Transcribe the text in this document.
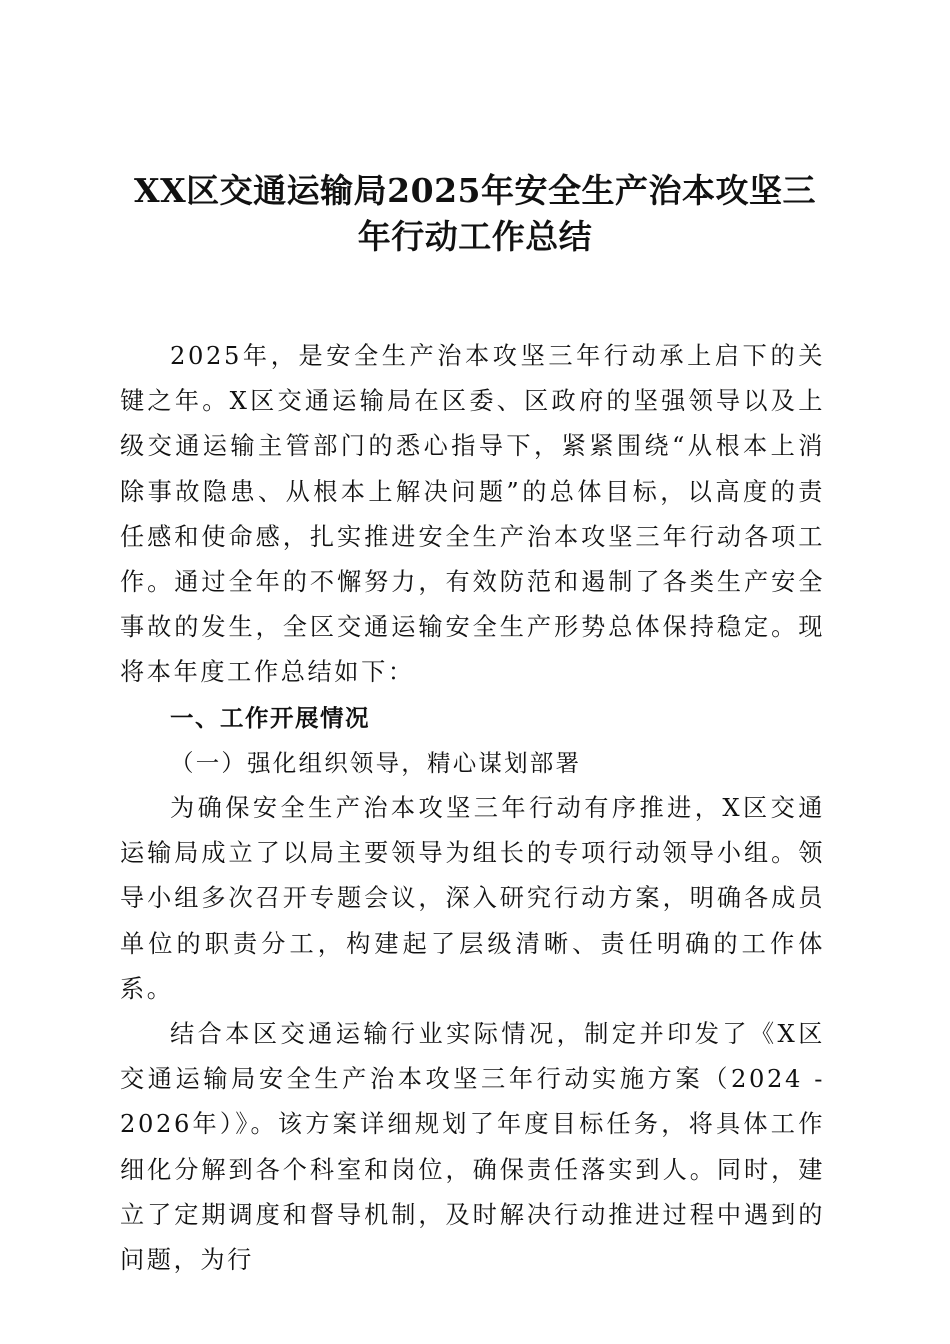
XX区交通运输局2025年安全生产治本攻坚三
年行动工作总结

2025年，是安全生产治本攻坚三年行动承上启下的关键之年。X区交通运输局在区委、区政府的坚强领导以及上级交通运输主管部门的悉心指导下，紧紧围绕“从根本上消除事故隐患、从根本上解决问题”的总体目标，以高度的责任感和使命感，扎实推进安全生产治本攻坚三年行动各项工作。通过全年的不懈努力，有效防范和遏制了各类生产安全事故的发生，全区交通运输安全生产形势总体保持稳定。现将本年度工作总结如下：

一、工作开展情况

（一）强化组织领导，精心谋划部署

为确保安全生产治本攻坚三年行动有序推进，X区交通运输局成立了以局主要领导为组长的专项行动领导小组。领导小组多次召开专题会议，深入研究行动方案，明确各成员单位的职责分工，构建起了层级清晰、责任明确的工作体系。

结合本区交通运输行业实际情况，制定并印发了《X区交通运输局安全生产治本攻坚三年行动实施方案（2024 - 2026年）》。该方案详细规划了年度目标任务，将具体工作细化分解到各个科室和岗位，确保责任落实到人。同时，建立了定期调度和督导机制，及时解决行动推进过程中遇到的问题，为行
